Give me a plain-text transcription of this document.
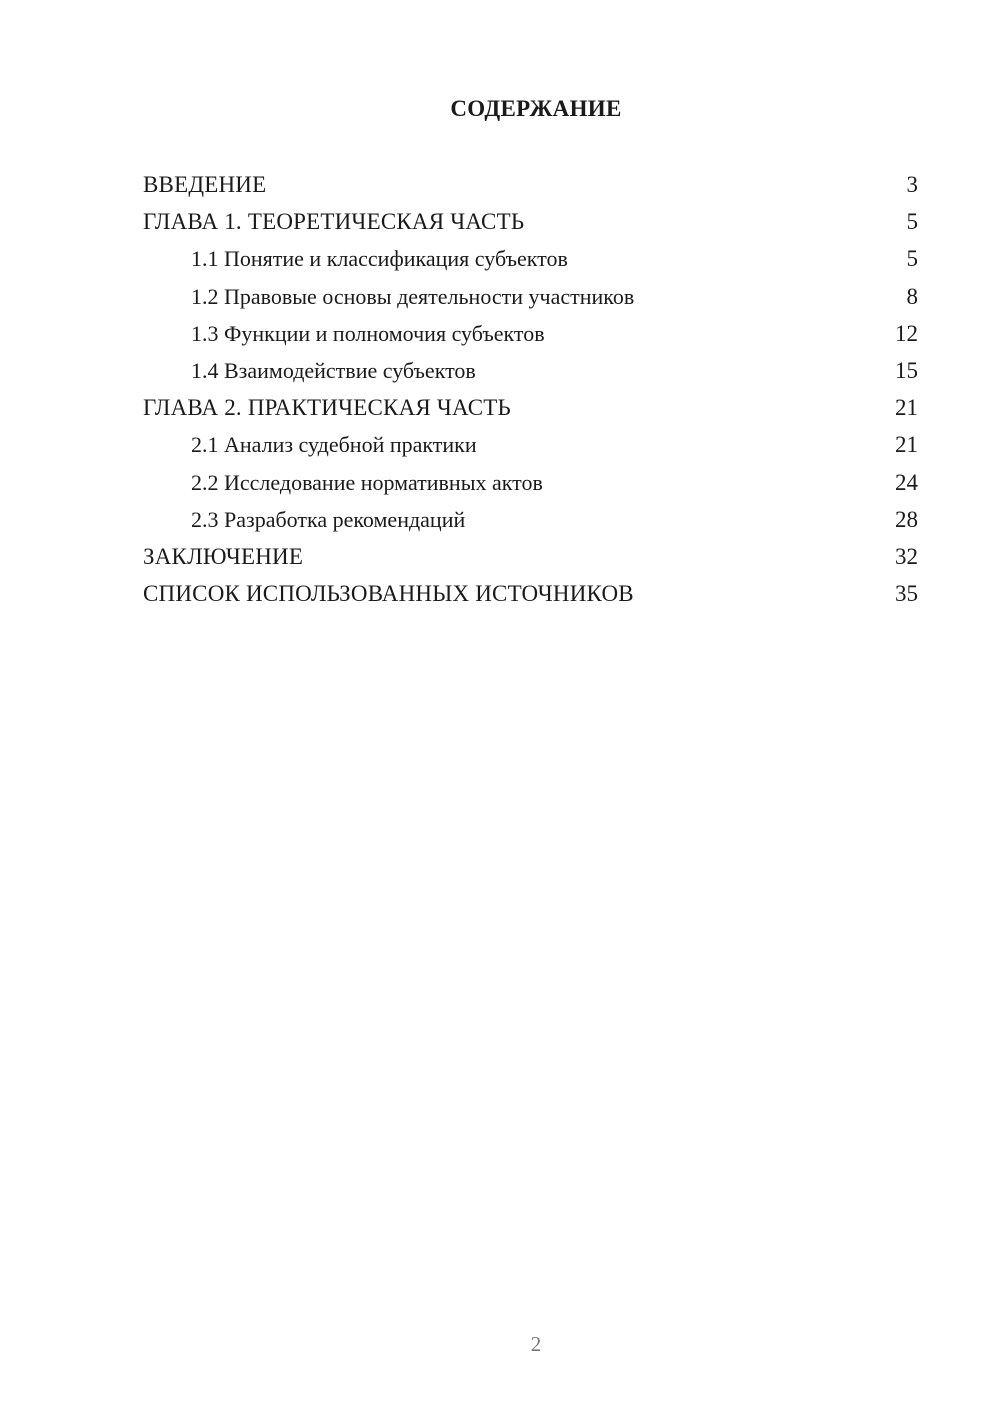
СОДЕРЖАНИЕ
ВВЕДЕНИЕ	3
ГЛАВА 1. ТЕОРЕТИЧЕСКАЯ ЧАСТЬ	5
1.1 Понятие и классификация субъектов	5
1.2 Правовые основы деятельности участников	8
1.3 Функции и полномочия субъектов	12
1.4 Взаимодействие субъектов	15
ГЛАВА 2. ПРАКТИЧЕСКАЯ ЧАСТЬ	21
2.1 Анализ судебной практики	21
2.2 Исследование нормативных актов	24
2.3 Разработка рекомендаций	28
ЗАКЛЮЧЕНИЕ	32
СПИСОК ИСПОЛЬЗОВАННЫХ ИСТОЧНИКОВ	35
2
